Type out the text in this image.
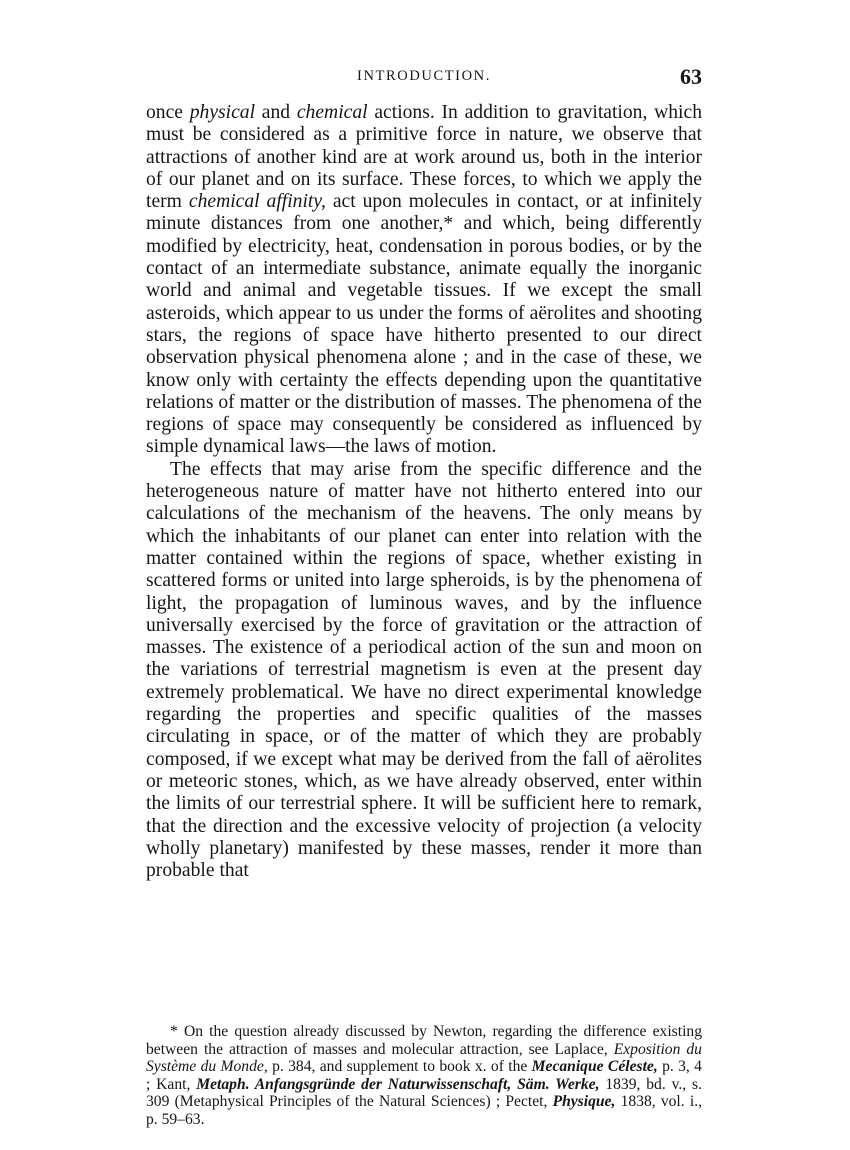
INTRODUCTION.	63

once physical and chemical actions. In addition to gravitation, which must be considered as a primitive force in nature, we observe that attractions of another kind are at work around us, both in the interior of our planet and on its surface. These forces, to which we apply the term chemical affinity, act upon molecules in contact, or at infinitely minute distances from one another,* and which, being differently modified by electricity, heat, condensation in porous bodies, or by the contact of an intermediate substance, animate equally the inorganic world and animal and vegetable tissues. If we except the small asteroids, which appear to us under the forms of aërolites and shooting stars, the regions of space have hitherto presented to our direct observation physical phenomena alone ; and in the case of these, we know only with certainty the effects depending upon the quantitative relations of matter or the distribution of masses. The phenomena of the regions of space may consequently be considered as influenced by simple dynamical laws—the laws of motion.

The effects that may arise from the specific difference and the heterogeneous nature of matter have not hitherto entered into our calculations of the mechanism of the heavens. The only means by which the inhabitants of our planet can enter into relation with the matter contained within the regions of space, whether existing in scattered forms or united into large spheroids, is by the phenomena of light, the propagation of luminous waves, and by the influence universally exercised by the force of gravitation or the attraction of masses. The existence of a periodical action of the sun and moon on the variations of terrestrial magnetism is even at the present day extremely problematical. We have no direct experimental knowledge regarding the properties and specific qualities of the masses circulating in space, or of the matter of which they are probably composed, if we except what may be derived from the fall of aërolites or meteoric stones, which, as we have already observed, enter within the limits of our terrestrial sphere. It will be sufficient here to remark, that the direction and the excessive velocity of projection (a velocity wholly planetary) manifested by these masses, render it more than probable that

* On the question already discussed by Newton, regarding the difference existing between the attraction of masses and molecular attraction, see Laplace, Exposition du Système du Monde, p. 384, and supplement to book x. of the Mecanique Céleste, p. 3, 4 ; Kant, Metaph. Anfangsgründe der Naturwissenschaft, Säm. Werke, 1839, bd. v., s. 309 (Metaphysical Principles of the Natural Sciences) ; Pectet, Physique, 1838, vol. i., p. 59–63.
